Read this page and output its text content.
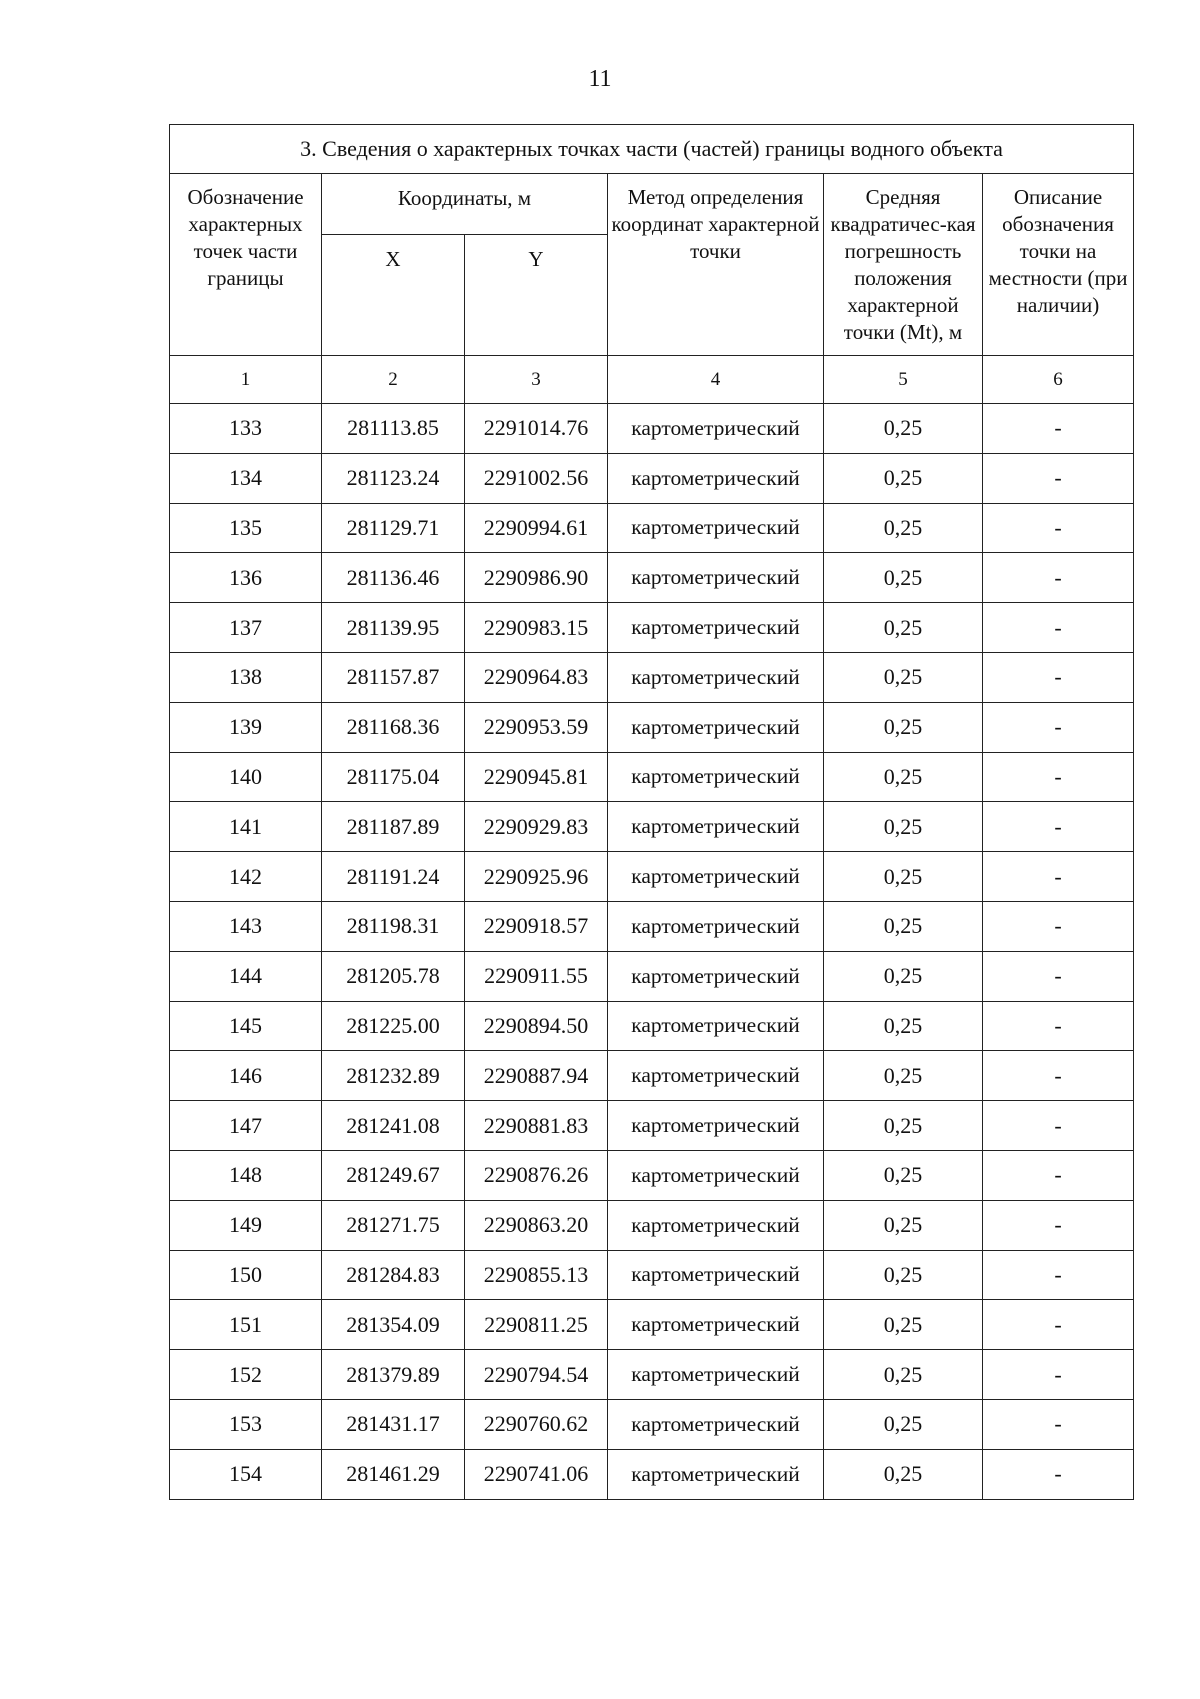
11
3. Сведения о характерных точках части (частей) границы водного объекта					
Обозначение характерных точек части границы	Координаты, м		Метод определения координат характерной точки	Средняя квадратичес-кая погрешность положения характерной точки (Mt), м	Описание обозначения точки на местности (при наличии)
	X	Y			
1	2	3	4	5	6
133	281113.85	2291014.76	картометрический	0,25	-
134	281123.24	2291002.56	картометрический	0,25	-
135	281129.71	2290994.61	картометрический	0,25	-
136	281136.46	2290986.90	картометрический	0,25	-
137	281139.95	2290983.15	картометрический	0,25	-
138	281157.87	2290964.83	картометрический	0,25	-
139	281168.36	2290953.59	картометрический	0,25	-
140	281175.04	2290945.81	картометрический	0,25	-
141	281187.89	2290929.83	картометрический	0,25	-
142	281191.24	2290925.96	картометрический	0,25	-
143	281198.31	2290918.57	картометрический	0,25	-
144	281205.78	2290911.55	картометрический	0,25	-
145	281225.00	2290894.50	картометрический	0,25	-
146	281232.89	2290887.94	картометрический	0,25	-
147	281241.08	2290881.83	картометрический	0,25	-
148	281249.67	2290876.26	картометрический	0,25	-
149	281271.75	2290863.20	картометрический	0,25	-
150	281284.83	2290855.13	картометрический	0,25	-
151	281354.09	2290811.25	картометрический	0,25	-
152	281379.89	2290794.54	картометрический	0,25	-
153	281431.17	2290760.62	картометрический	0,25	-
154	281461.29	2290741.06	картометрический	0,25	-
